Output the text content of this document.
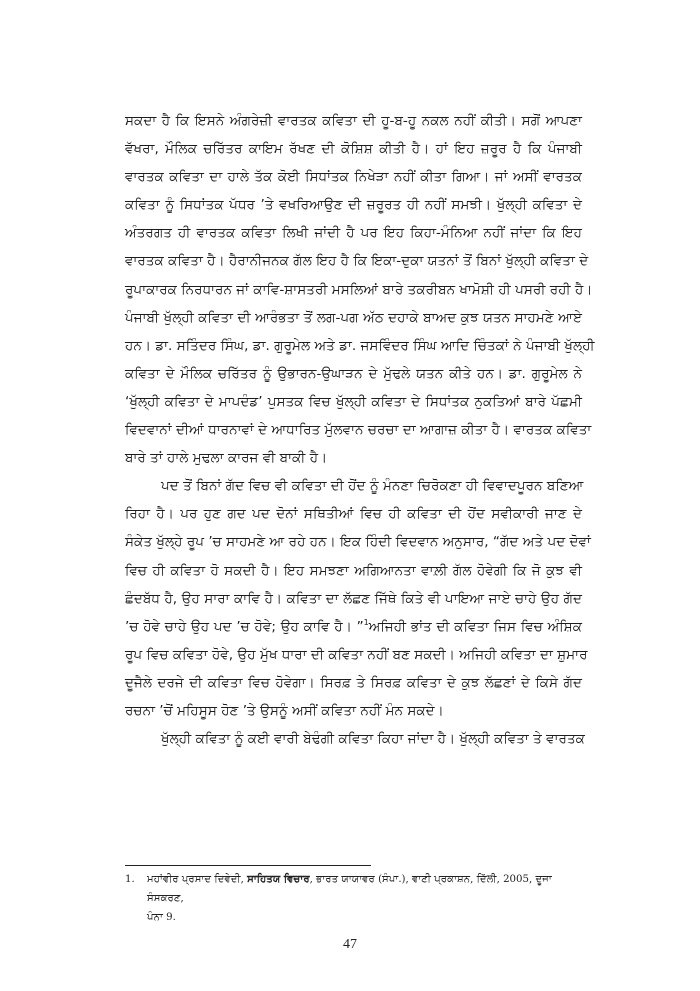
ਸਕਦਾ ਹੈ ਕਿ ਇਸਨੇ ਅੰਗਰੇਜ਼ੀ ਵਾਰਤਕ ਕਵਿਤਾ ਦੀ ਹੂ-ਬ-ਹੂ ਨਕਲ ਨਹੀਂ ਕੀਤੀ। ਸਗੋਂ ਆਪਣਾ
ਵੱਖਰਾ, ਮੌਲਿਕ ਚਰਿੱਤਰ ਕਾਇਮ ਰੱਖਣ ਦੀ ਕੋਸ਼ਿਸ਼ ਕੀਤੀ ਹੈ। ਹਾਂ ਇਹ ਜ਼ਰੂਰ ਹੈ ਕਿ ਪੰਜਾਬੀ
ਵਾਰਤਕ ਕਵਿਤਾ ਦਾ ਹਾਲੇ ਤੱਕ ਕੋਈ ਸਿਧਾਂਤਕ ਨਿਖੇੜਾ ਨਹੀਂ ਕੀਤਾ ਗਿਆ। ਜਾਂ ਅਸੀਂ ਵਾਰਤਕ
ਕਵਿਤਾ ਨੂੰ ਸਿਧਾਂਤਕ ਪੱਧਰ ’ਤੇ ਵਖਰਿਆਉਣ ਦੀ ਜ਼ਰੂਰਤ ਹੀ ਨਹੀਂ ਸਮਝੀ। ਖੁੱਲ੍ਹੀ ਕਵਿਤਾ ਦੇ
ਅੰਤਰਗਤ ਹੀ ਵਾਰਤਕ ਕਵਿਤਾ ਲਿਖੀ ਜਾਂਦੀ ਹੈ ਪਰ ਇਹ ਕਿਹਾ-ਮੰਨਿਆ ਨਹੀਂ ਜਾਂਦਾ ਕਿ ਇਹ
ਵਾਰਤਕ ਕਵਿਤਾ ਹੈ। ਹੈਰਾਨੀਜਨਕ ਗੱਲ ਇਹ ਹੈ ਕਿ ਇਕਾ-ਦੁਕਾ ਯਤਨਾਂ ਤੋਂ ਬਿਨਾਂ ਖੁੱਲ੍ਹੀ ਕਵਿਤਾ ਦੇ
ਰੂਪਾਕਾਰਕ ਨਿਰਧਾਰਨ ਜਾਂ ਕਾਵਿ-ਸ਼ਾਸਤਰੀ ਮਸਲਿਆਂ ਬਾਰੇ ਤਕਰੀਬਨ ਖਾਮੋਸ਼ੀ ਹੀ ਪਸਰੀ ਰਹੀ ਹੈ।
ਪੰਜਾਬੀ ਖੁੱਲ੍ਹੀ ਕਵਿਤਾ ਦੀ ਆਰੰਭਤਾ ਤੋਂ ਲਗ-ਪਗ ਅੱਠ ਦਹਾਕੇ ਬਾਅਦ ਕੁਝ ਯਤਨ ਸਾਹਮਣੇ ਆਏ
ਹਨ। ਡਾ. ਸਤਿੰਦਰ ਸਿੰਘ, ਡਾ. ਗੁਰੂਮੇਲ ਅਤੇ ਡਾ. ਜਸਵਿੰਦਰ ਸਿੰਘ ਆਦਿ ਚਿੰਤਕਾਂ ਨੇ ਪੰਜਾਬੀ ਖੁੱਲ੍ਹੀ
ਕਵਿਤਾ ਦੇ ਮੌਲਿਕ ਚਰਿੱਤਰ ਨੂੰ ਉਭਾਰਨ-ਉਘਾੜਨ ਦੇ ਮੁੱਢਲੇ ਯਤਨ ਕੀਤੇ ਹਨ। ਡਾ. ਗੁਰੂਮੇਲ ਨੇ
‘ਖੁੱਲ੍ਹੀ ਕਵਿਤਾ ਦੇ ਮਾਪਦੰਡ’ ਪੁਸਤਕ ਵਿਚ ਖੁੱਲ੍ਹੀ ਕਵਿਤਾ ਦੇ ਸਿਧਾਂਤਕ ਨੁਕਤਿਆਂ ਬਾਰੇ ਪੱਛਮੀ
ਵਿਦਵਾਨਾਂ ਦੀਆਂ ਧਾਰਨਾਵਾਂ ਦੇ ਆਧਾਰਿਤ ਮੁੱਲਵਾਨ ਚਰਚਾ ਦਾ ਆਗਾਜ਼ ਕੀਤਾ ਹੈ। ਵਾਰਤਕ ਕਵਿਤਾ
ਬਾਰੇ ਤਾਂ ਹਾਲੇ ਮੁਢਲਾ ਕਾਰਜ ਵੀ ਬਾਕੀ ਹੈ।
ਪਦ ਤੋਂ ਬਿਨਾਂ ਗੱਦ ਵਿਚ ਵੀ ਕਵਿਤਾ ਦੀ ਹੋਂਦ ਨੂੰ ਮੰਨਣਾ ਚਿਰੋਕਣਾ ਹੀ ਵਿਵਾਦਪੂਰਨ ਬਣਿਆ
ਰਿਹਾ ਹੈ। ਪਰ ਹੁਣ ਗਦ ਪਦ ਦੋਨਾਂ ਸਥਿਤੀਆਂ ਵਿਚ ਹੀ ਕਵਿਤਾ ਦੀ ਹੋਂਦ ਸਵੀਕਾਰੀ ਜਾਣ ਦੇ
ਸੰਕੇਤ ਖੁੱਲ੍ਹੇ ਰੂਪ ’ਚ ਸਾਹਮਣੇ ਆ ਰਹੇ ਹਨ। ਇਕ ਹਿੰਦੀ ਵਿਦਵਾਨ ਅਨੁਸਾਰ, “ਗੱਦ ਅਤੇ ਪਦ ਦੋਵਾਂ
ਵਿਚ ਹੀ ਕਵਿਤਾ ਹੋ ਸਕਦੀ ਹੈ। ਇਹ ਸਮਝਣਾ ਅਗਿਆਨਤਾ ਵਾਲ਼ੀ ਗੱਲ ਹੋਵੇਗੀ ਕਿ ਜੋ ਕੁਝ ਵੀ
ਛੰਦਬੱਧ ਹੈ, ਉਹ ਸਾਰਾ ਕਾਵਿ ਹੈ। ਕਵਿਤਾ ਦਾ ਲੱਛਣ ਜਿੱਥੇ ਕਿਤੇ ਵੀ ਪਾਇਆ ਜਾਏ ਚਾਹੇ ਉਹ ਗੱਦ
’ਚ ਹੋਵੇ ਚਾਹੇ ਉਹ ਪਦ ’ਚ ਹੋਵੇ; ਉਹ ਕਾਵਿ ਹੈ। ”$^1$ਅਜਿਹੀ ਭਾਂਤ ਦੀ ਕਵਿਤਾ ਜਿਸ ਵਿਚ ਅੰਸ਼ਿਕ
ਰੂਪ ਵਿਚ ਕਵਿਤਾ ਹੋਵੇ, ਉਹ ਮੁੱਖ ਧਾਰਾ ਦੀ ਕਵਿਤਾ ਨਹੀਂ ਬਣ ਸਕਦੀ। ਅਜਿਹੀ ਕਵਿਤਾ ਦਾ ਸ਼ੁਮਾਰ
ਦੂਜੈਲੇ ਦਰਜੇ ਦੀ ਕਵਿਤਾ ਵਿਚ ਹੋਵੇਗਾ। ਸਿਰਫ਼ ਤੇ ਸਿਰਫ਼ ਕਵਿਤਾ ਦੇ ਕੁਝ ਲੱਛਣਾਂ ਦੇ ਕਿਸੇ ਗੱਦ
ਰਚਨਾ ’ਚੋਂ ਮਹਿਸੂਸ ਹੋਣ ’ਤੇ ਉਸਨੂੰ ਅਸੀਂ ਕਵਿਤਾ ਨਹੀਂ ਮੰਨ ਸਕਦੇ।
ਖੁੱਲ੍ਹੀ ਕਵਿਤਾ ਨੂੰ ਕਈ ਵਾਰੀ ਬੇਢੰਗੀ ਕਵਿਤਾ ਕਿਹਾ ਜਾਂਦਾ ਹੈ। ਖੁੱਲ੍ਹੀ ਕਵਿਤਾ ਤੇ ਵਾਰਤਕ
1. ਮਹਾਂਵੀਰ ਪ੍ਰਸਾਦ ਦਿਵੇਦੀ, ਸਾਹਿਤਯ ਵਿਚਾਰ, ਭਾਰਤ ਯਾਯਾਵਰ (ਸੰਪਾ.), ਵਾਣੀ ਪ੍ਰਕਾਸ਼ਨ, ਦਿੱਲੀ, 2005, ਦੂਜਾ ਸੰਸਕਰਣ,
ਪੰਨਾ 9.
47
